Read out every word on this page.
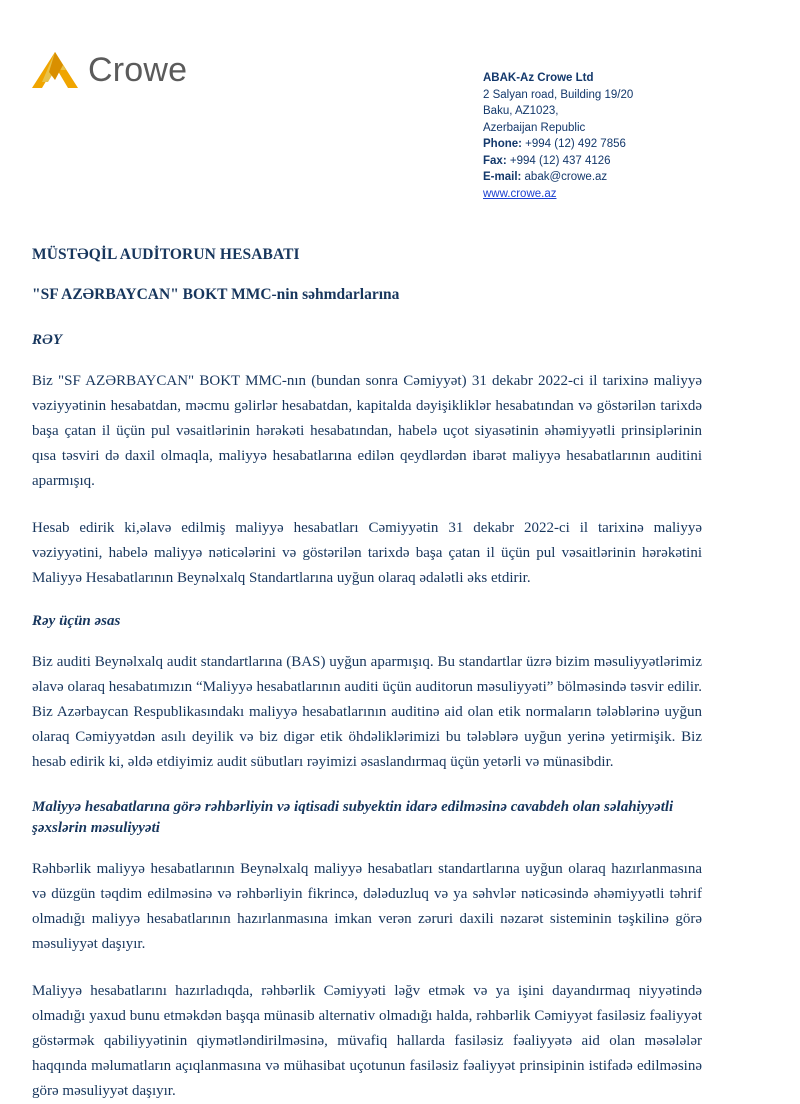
Crowe	ABAK-Az Crowe Ltd
2 Salyan road, Building 19/20
Baku, AZ1023,
Azerbaijan Republic
Phone: +994 (12) 492 7856
Fax: +994 (12) 437 4126
E-mail: abak@crowe.az
www.crowe.az
MÜSTƏQİL AUDİTORUN HESABATI
"SF AZƏRBAYCAN" BOKT MMC-nin səhmdarlarına
RƏY

Biz "SF AZƏRBAYCAN" BOKT MMC-nın (bundan sonra Cəmiyyət) 31 dekabr 2022-ci il tarixinə maliyyə vəziyyətinin hesabatdan, məcmu gəlirlər hesabatdan, kapitalda dəyişikliklər hesabatından və göstərilən tarixdə başa çatan il üçün pul vəsaitlərinin hərəkəti hesabatından, habelə uçot siyasətinin əhəmiyyətli prinsiplərinin qısa təsviri də daxil olmaqla, maliyyə hesabatlarına edilən qeydlərdən ibarət maliyyə hesabatlarının auditini aparmışıq.

Hesab edirik ki,əlavə edilmiş maliyyə hesabatları Cəmiyyətin 31 dekabr 2022-ci il tarixinə maliyyə vəziyyətini, habelə maliyyə nəticələrini və göstərilən tarixdə başa çatan il üçün pul vəsaitlərinin hərəkətini Maliyyə Hesabatlarının Beynəlxalq Standartlarına uyğun olaraq ədalətli əks etdirir.

Rəy üçün əsas

Biz auditi Beynəlxalq audit standartlarına (BAS) uyğun aparmışıq. Bu standartlar üzrə bizim məsuliyyətlərimiz əlavə olaraq hesabatımızın “Maliyyə hesabatlarının auditi üçün auditorun məsuliyyəti” bölməsində təsvir edilir. Biz Azərbaycan Respublikasındakı maliyyə hesabatlarının auditinə aid olan etik normaların tələblərinə uyğun olaraq Cəmiyyətdən asılı deyilik və biz digər etik öhdəliklərimizi bu tələblərə uyğun yerinə yetirmişik. Biz hesab edirik ki, əldə etdiyimiz audit sübutları rəyimizi əsaslandırmaq üçün yetərli və münasibdir.

Maliyyə hesabatlarına görə rəhbərliyin və iqtisadi subyektin idarə edilməsinə cavabdeh olan səlahiyyətli şəxslərin məsuliyyəti

Rəhbərlik maliyyə hesabatlarının Beynəlxalq maliyyə hesabatları standartlarına uyğun olaraq hazırlanmasına və düzgün təqdim edilməsinə və rəhbərliyin fikrincə, dələduzluq və ya səhvlər nəticəsində əhəmiyyətli təhrif olmadığı maliyyə hesabatlarının hazırlanmasına imkan verən zəruri daxili nəzarət sisteminin təşkilinə görə məsuliyyət daşıyır.

Maliyyə hesabatlarını hazırladıqda, rəhbərlik Cəmiyyəti ləğv etmək və ya işini dayandırmaq niyyətində olmadığı yaxud bunu etməkdən başqa münasib alternativ olmadığı halda, rəhbərlik Cəmiyyət fasiləsiz fəaliyyət göstərmək qabiliyyətinin qiymətləndirilməsinə, müvafiq hallarda fasiləsiz fəaliyyətə aid olan məsələlər haqqında məlumatların açıqlanmasına və mühasibat uçotunun fasiləsiz fəaliyyət prinsipinin istifadə edilməsinə görə məsuliyyət daşıyır.
